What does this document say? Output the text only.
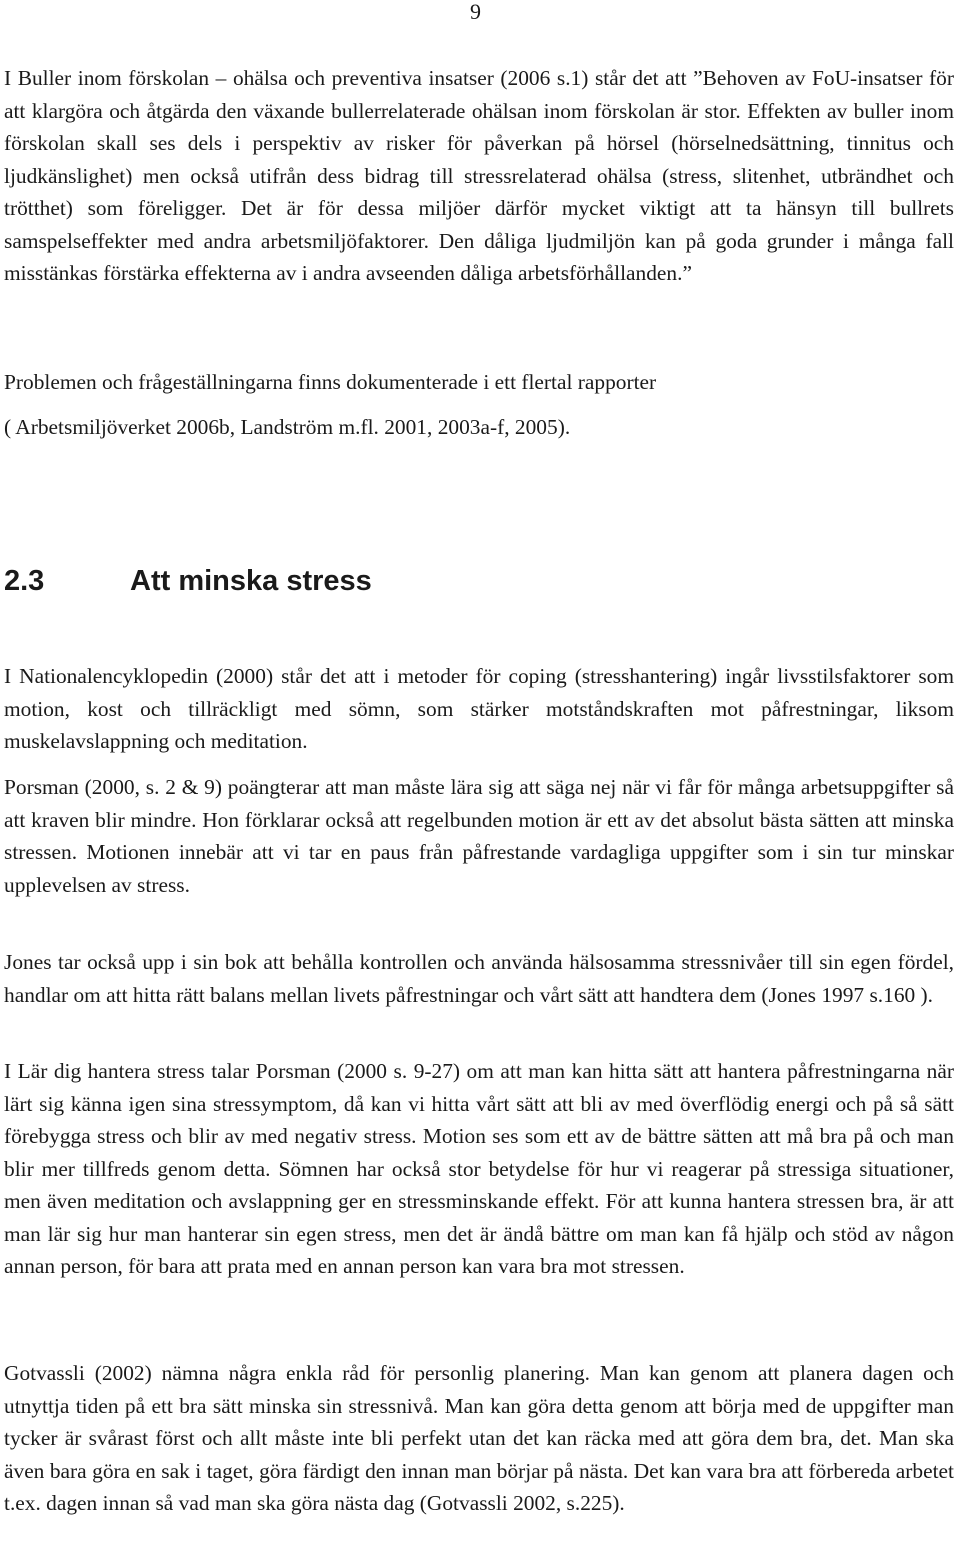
9

I Buller inom förskolan – ohälsa och preventiva insatser (2006 s.1) står det att ”Behoven av FoU-insatser för att klargöra och åtgärda den växande bullerrelaterade ohälsan inom förskolan är stor. Effekten av buller inom förskolan skall ses dels i perspektiv av risker för påverkan på hörsel (hörselnedsättning, tinnitus och ljudkänslighet) men också utifrån dess bidrag till stressrelaterad ohälsa (stress, slitenhet, utbrändhet och trötthet) som föreligger. Det är för dessa miljöer därför mycket viktigt att ta hänsyn till bullrets samspelseffekter med andra arbetsmiljöfaktorer. Den dåliga ljudmiljön kan på goda grunder i många fall misstänkas förstärka effekterna av i andra avseenden dåliga arbetsförhållanden.”

Problemen och frågeställningarna finns dokumenterade i ett flertal rapporter

( Arbetsmiljöverket 2006b, Landström m.fl. 2001, 2003a-f, 2005).

2.3	Att minska stress

I Nationalencyklopedin (2000) står det att i metoder för coping (stresshantering) ingår livsstilsfaktorer som motion, kost och tillräckligt med sömn, som stärker motståndskraften mot påfrestningar, liksom muskelavslappning och meditation.

Porsman (2000, s. 2 & 9) poängterar att man måste lära sig att säga nej när vi får för många arbetsuppgifter så att kraven blir mindre. Hon förklarar också att regelbunden motion är ett av det absolut bästa sätten att minska stressen. Motionen innebär att vi tar en paus från påfrestande vardagliga uppgifter som i sin tur minskar upplevelsen av stress.

Jones tar också upp i sin bok att behålla kontrollen och använda hälsosamma stressnivåer till sin egen fördel, handlar om att hitta rätt balans mellan livets påfrestningar och vårt sätt att handtera dem (Jones 1997 s.160 ).

I Lär dig hantera stress talar Porsman (2000 s. 9-27) om att man kan hitta sätt att hantera påfrestningarna när lärt sig känna igen sina stressymptom, då kan vi hitta vårt sätt att bli av med överflödig energi och på så sätt förebygga stress och blir av med negativ stress. Motion ses som ett av de bättre sätten att må bra på och man blir mer tillfreds genom detta. Sömnen har också stor betydelse för hur vi reagerar på stressiga situationer, men även meditation och avslappning ger en stressminskande effekt. För att kunna hantera stressen bra, är att man lär sig hur man hanterar sin egen stress, men det är ändå bättre om man kan få hjälp och stöd av någon annan person, för bara att prata med en annan person kan vara bra mot stressen.

Gotvassli (2002) nämna några enkla råd för personlig planering. Man kan genom att planera dagen och utnyttja tiden på ett bra sätt minska sin stressnivå. Man kan göra detta genom att börja med de uppgifter man tycker är svårast först och allt måste inte bli perfekt utan det kan räcka med att göra dem bra, det. Man ska även bara göra en sak i taget, göra färdigt den innan man börjar på nästa. Det kan vara bra att förbereda arbetet t.ex. dagen innan så vad man ska göra nästa dag (Gotvassli 2002, s.225).
